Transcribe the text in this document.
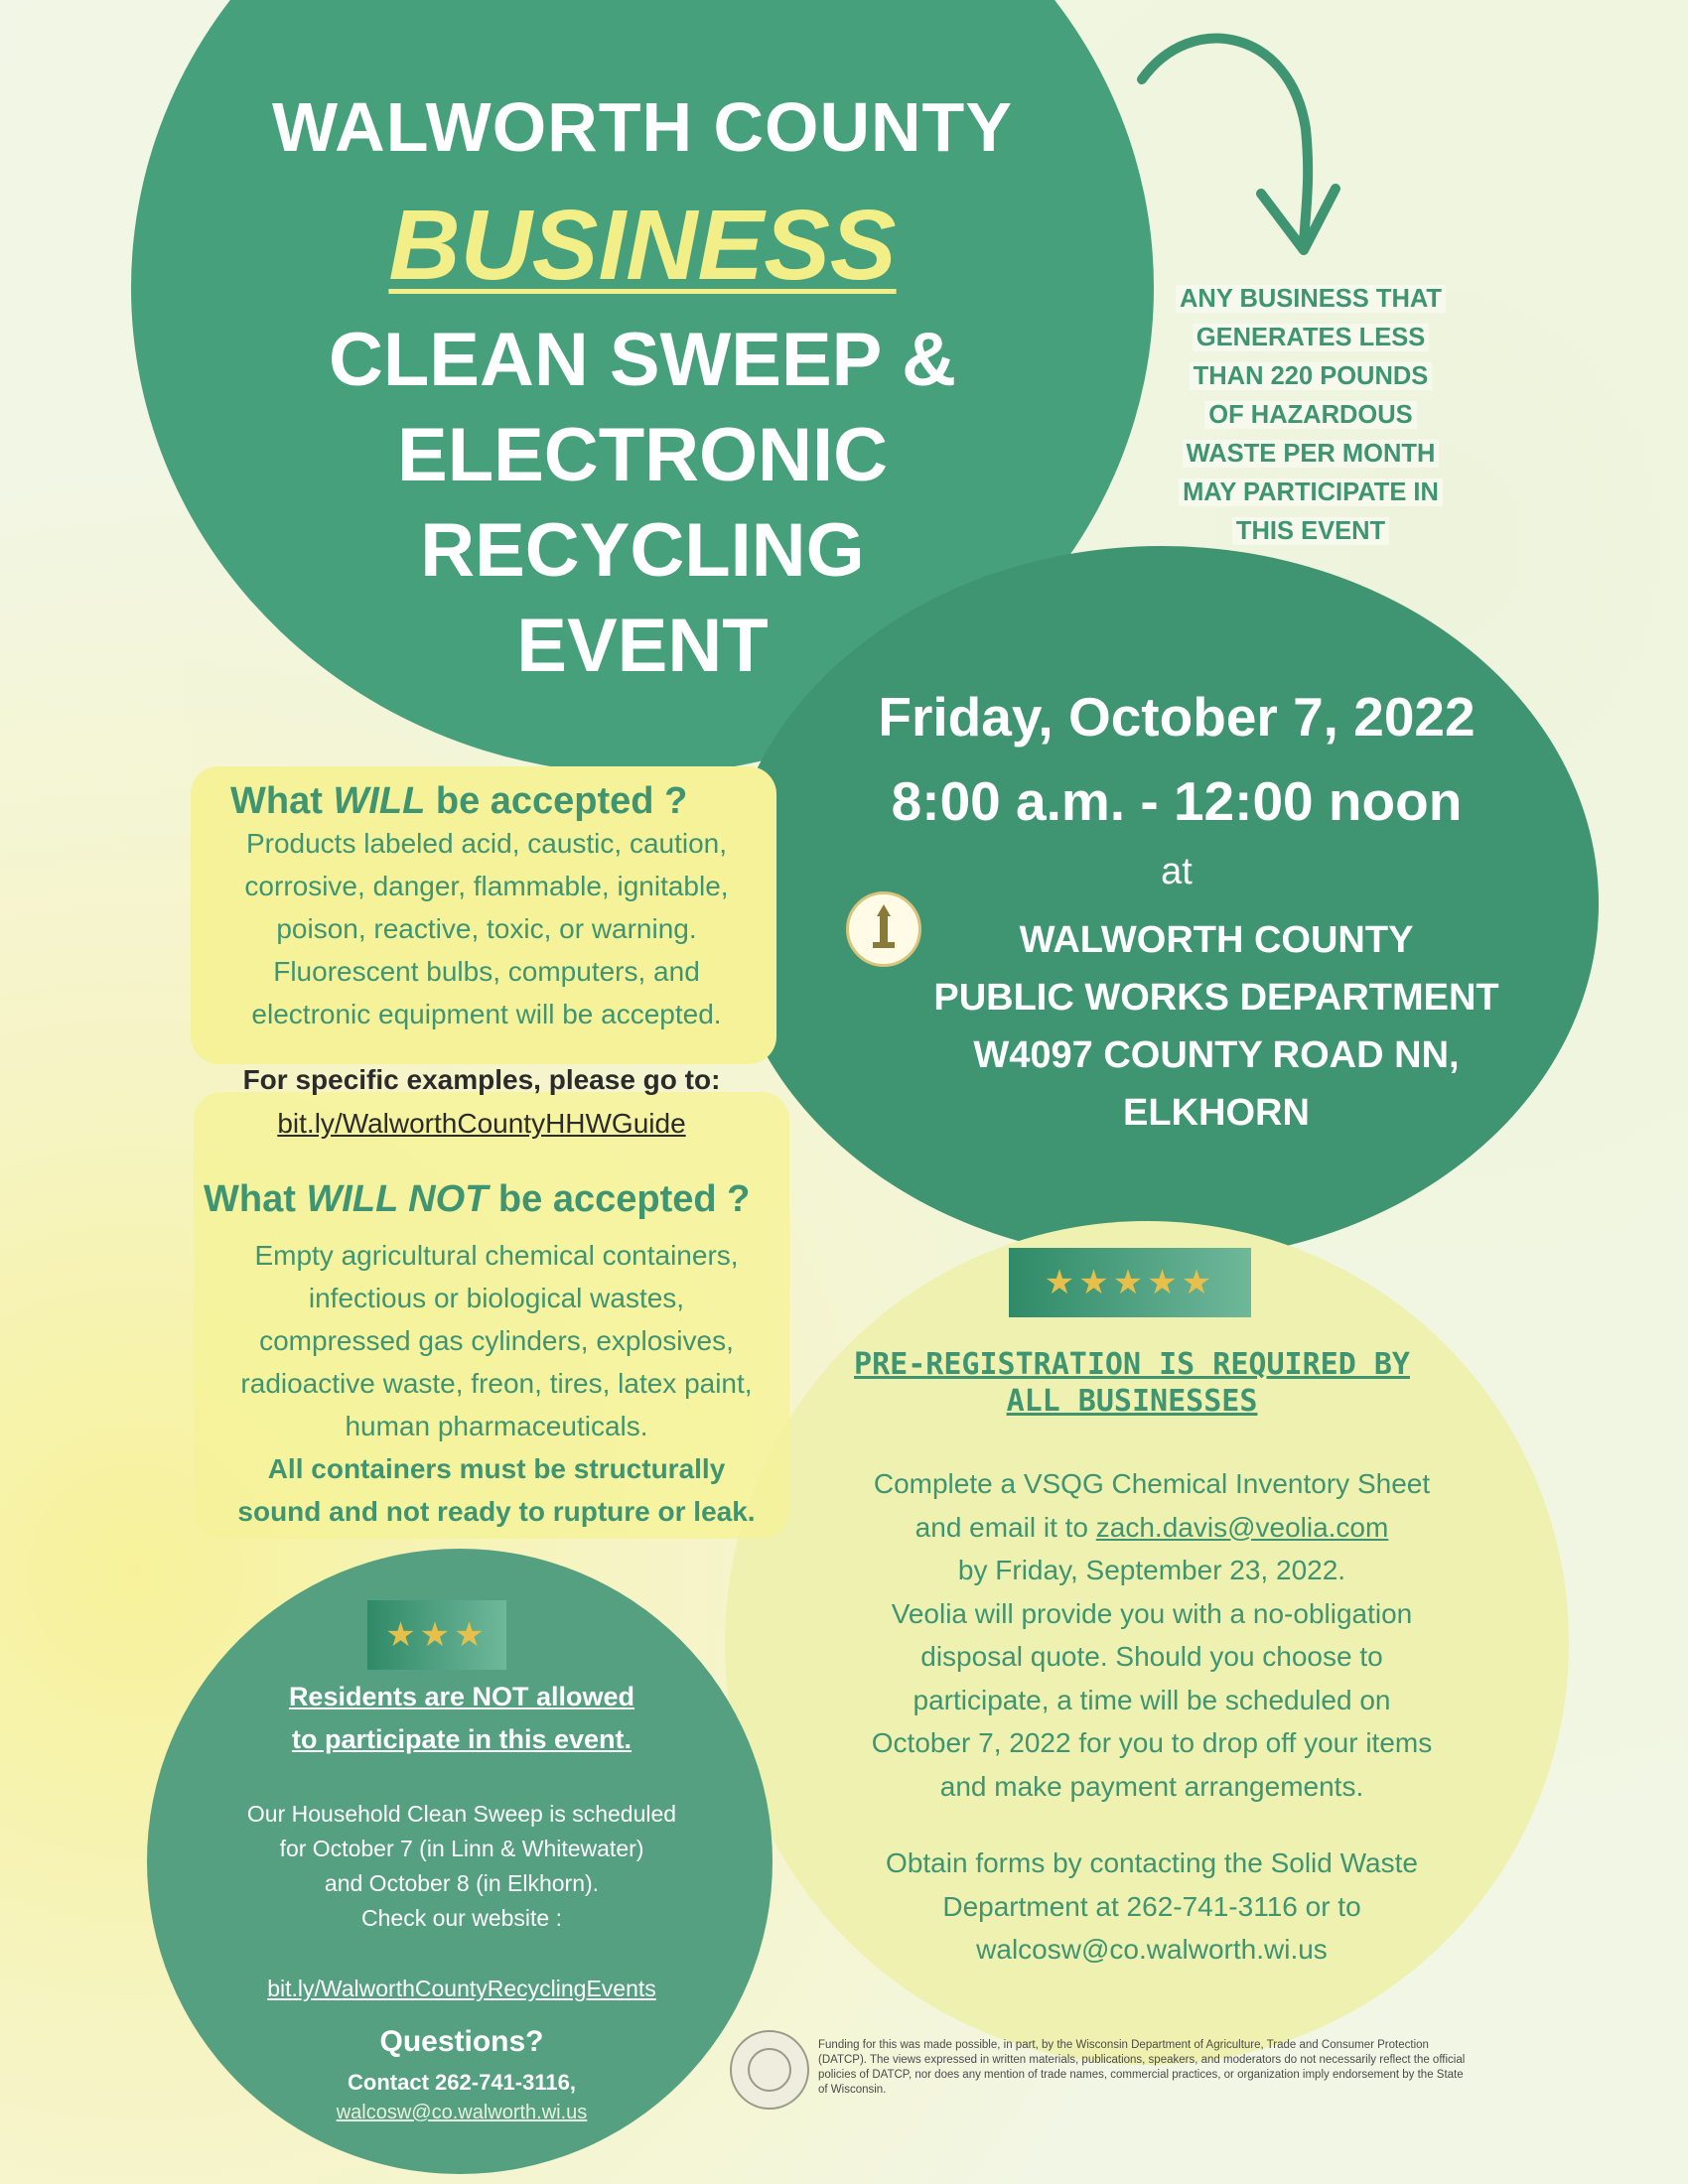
WALWORTH COUNTY
BUSINESS
CLEAN SWEEP &
ELECTRONIC
RECYCLING
EVENT
ANY BUSINESS THAT
GENERATES LESS
THAN 220 POUNDS
OF HAZARDOUS
WASTE PER MONTH
MAY PARTICIPATE IN
THIS EVENT
Friday, October 7, 2022
8:00 a.m. - 12:00 noon
at
WALWORTH COUNTY
PUBLIC WORKS DEPARTMENT
W4097 COUNTY ROAD NN,
ELKHORN
What WILL be accepted ?
Products labeled acid, caustic, caution,
corrosive, danger, flammable, ignitable,
poison, reactive, toxic, or warning.
Fluorescent bulbs, computers, and
electronic equipment will be accepted.
For specific examples, please go to:
bit.ly/WalworthCountyHHWGuide
What WILL NOT be accepted ?
Empty agricultural chemical containers,
infectious or biological wastes,
compressed gas cylinders, explosives,
radioactive waste, freon, tires, latex paint,
human pharmaceuticals.
All containers must be structurally
sound and not ready to rupture or leak.
★★★★★
PRE-REGISTRATION IS REQUIRED BY
ALL BUSINESSES
Complete a VSQG Chemical Inventory Sheet
and email it to zach.davis@veolia.com
by Friday, September 23, 2022.
Veolia will provide you with a no-obligation
disposal quote. Should you choose to
participate, a time will be scheduled on
October 7, 2022 for you to drop off your items
and make payment arrangements.
Obtain forms by contacting the Solid Waste
Department at 262-741-3116 or to
walcosw@co.walworth.wi.us
★★★
Residents are NOT allowed
to participate in this event.
Our Household Clean Sweep is scheduled
for October 7 (in Linn & Whitewater)
and October 8 (in Elkhorn).
Check our website :
bit.ly/WalworthCountyRecyclingEvents
Questions?
Contact 262-741-3116,
walcosw@co.walworth.wi.us
Funding for this was made possible, in part, by the Wisconsin Department of Agriculture, Trade and Consumer Protection (DATCP). The views expressed in written materials, publications, speakers, and moderators do not necessarily reflect the official policies of DATCP, nor does any mention of trade names, commercial practices, or organization imply endorsement by the State of Wisconsin.
